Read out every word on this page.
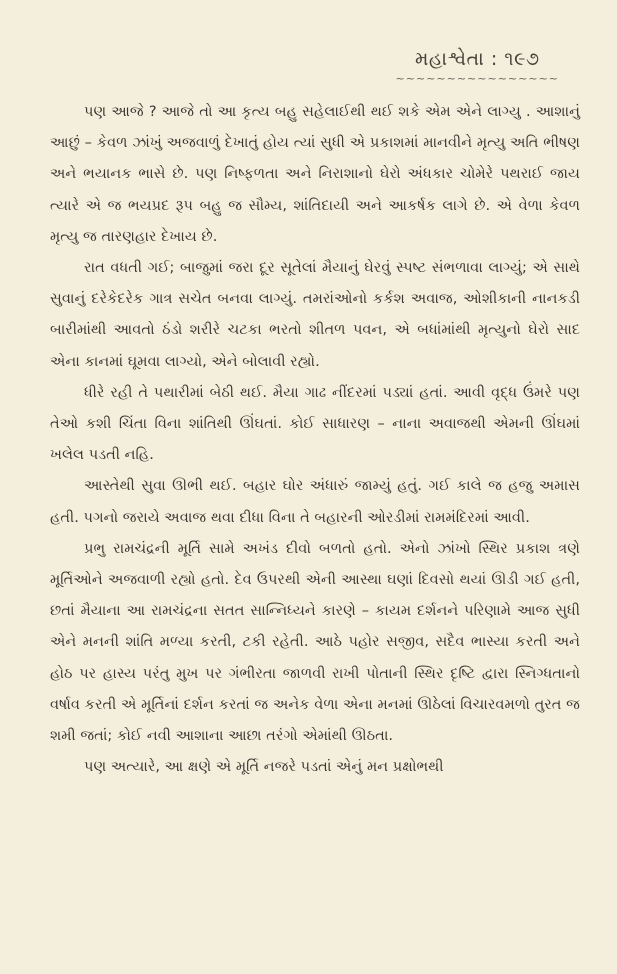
મહાશ્વેતા : ૧૯૭
~~~~~~~~~~~~~~~~

પણ આજે ? આજે તો આ કૃત્ય બહુ સહેલાઈથી થઈ શકે એમ એને લાગ્યુ . આશાનું આછું – કેવળ ઝાંખું અજવાળું દેખાતું હોય ત્યાં સુધી એ પ્રકાશમાં માનવીને મૃત્યુ અતિ ભીષણ અને ભયાનક ભાસે છે. પણ નિષ્ફળતા અને નિરાશાનો ઘેરો અંધકાર ચોમેરે પથરાઈ જાય ત્યારે એ જ ભયપ્રદ રૂપ બહુ જ સૌમ્ય, શાંતિદાયી અને આકર્ષક લાગે છે. એ વેળા કેવળ મૃત્યુ જ તારણહાર દેખાય છે.

રાત વધતી ગઈ; બાજુમાં જરા દૂર સૂતેલાં મૈયાનું ઘેરવું સ્પષ્ટ સંભળાવા લાગ્યું; એ સાથે સુવાનું દરેકેદરેક ગાત્ર સચેત બનવા લાગ્યું. તમરાંઓનો કર્કશ અવાજ, ઓશીકાની નાનકડી બારીમાંથી આવતો ઠંડો શરીરે ચટકા ભરતો શીતળ પવન, એ બધાંમાંથી મૃત્યુનો ઘેરો સાદ એના કાનમાં ઘૂમવા લાગ્યો, એને બોલાવી રહ્યો.

ધીરે રહી તે પથારીમાં બેઠી થઈ. મૈયા ગાઢ નીંદરમાં પડ્યાં હતાં. આવી વૃદ્ધ ઉંમરે પણ તેઓ કશી ચિંતા વિના શાંતિથી ઊંઘતાં. કોઈ સાધારણ – નાના અવાજથી એમની ઊંઘમાં ખલેલ પડતી નહિ.

આસ્તેથી સુવા ઊભી થઈ. બહાર ઘોર અંધારું જામ્યું હતું. ગઈ કાલે જ હજુ અમાસ હતી. પગનો જરાયે અવાજ થવા દીધા વિના તે બહારની ઓરડીમાં રામમંદિરમાં આવી.

પ્રભુ રામચંદ્રની મૂર્તિ સામે અખંડ દીવો બળતો હતો. એનો ઝાંખો સ્થિર પ્રકાશ ત્રણે મૂર્તિઓને અજવાળી રહ્યો હતો. દેવ ઉપરથી એની આસ્થા ઘણાં દિવસો થયાં ઊડી ગઈ હતી, છતાં મૈયાના આ રામચંદ્રના સતત સાન્નિધ્યને કારણે – કાયમ દર્શનને પરિણામે આજ સુધી એને મનની શાંતિ મળ્યા કરતી, ટકી રહેતી. આઠે પહોર સજીવ, સદૈવ ભાસ્યા કરતી અને હોઠ પર હાસ્ય પરંતુ મુખ પર ગંભીરતા જાળવી રાખી પોતાની સ્થિર દૃષ્ટિ દ્વારા સ્નિગ્ધતાનો વર્ષાવ કરતી એ મૂર્તિનાં દર્શન કરતાં જ અનેક વેળા એના મનમાં ઊઠેલાં વિચારવમળો તુરત જ શમી જતાં; કોઈ નવી આશાના આછા તરંગો એમાંથી ઊઠતા.

પણ અત્યારે, આ ક્ષણે એ મૂર્તિ નજરે પડતાં એનું મન પ્રક્ષોભથી
